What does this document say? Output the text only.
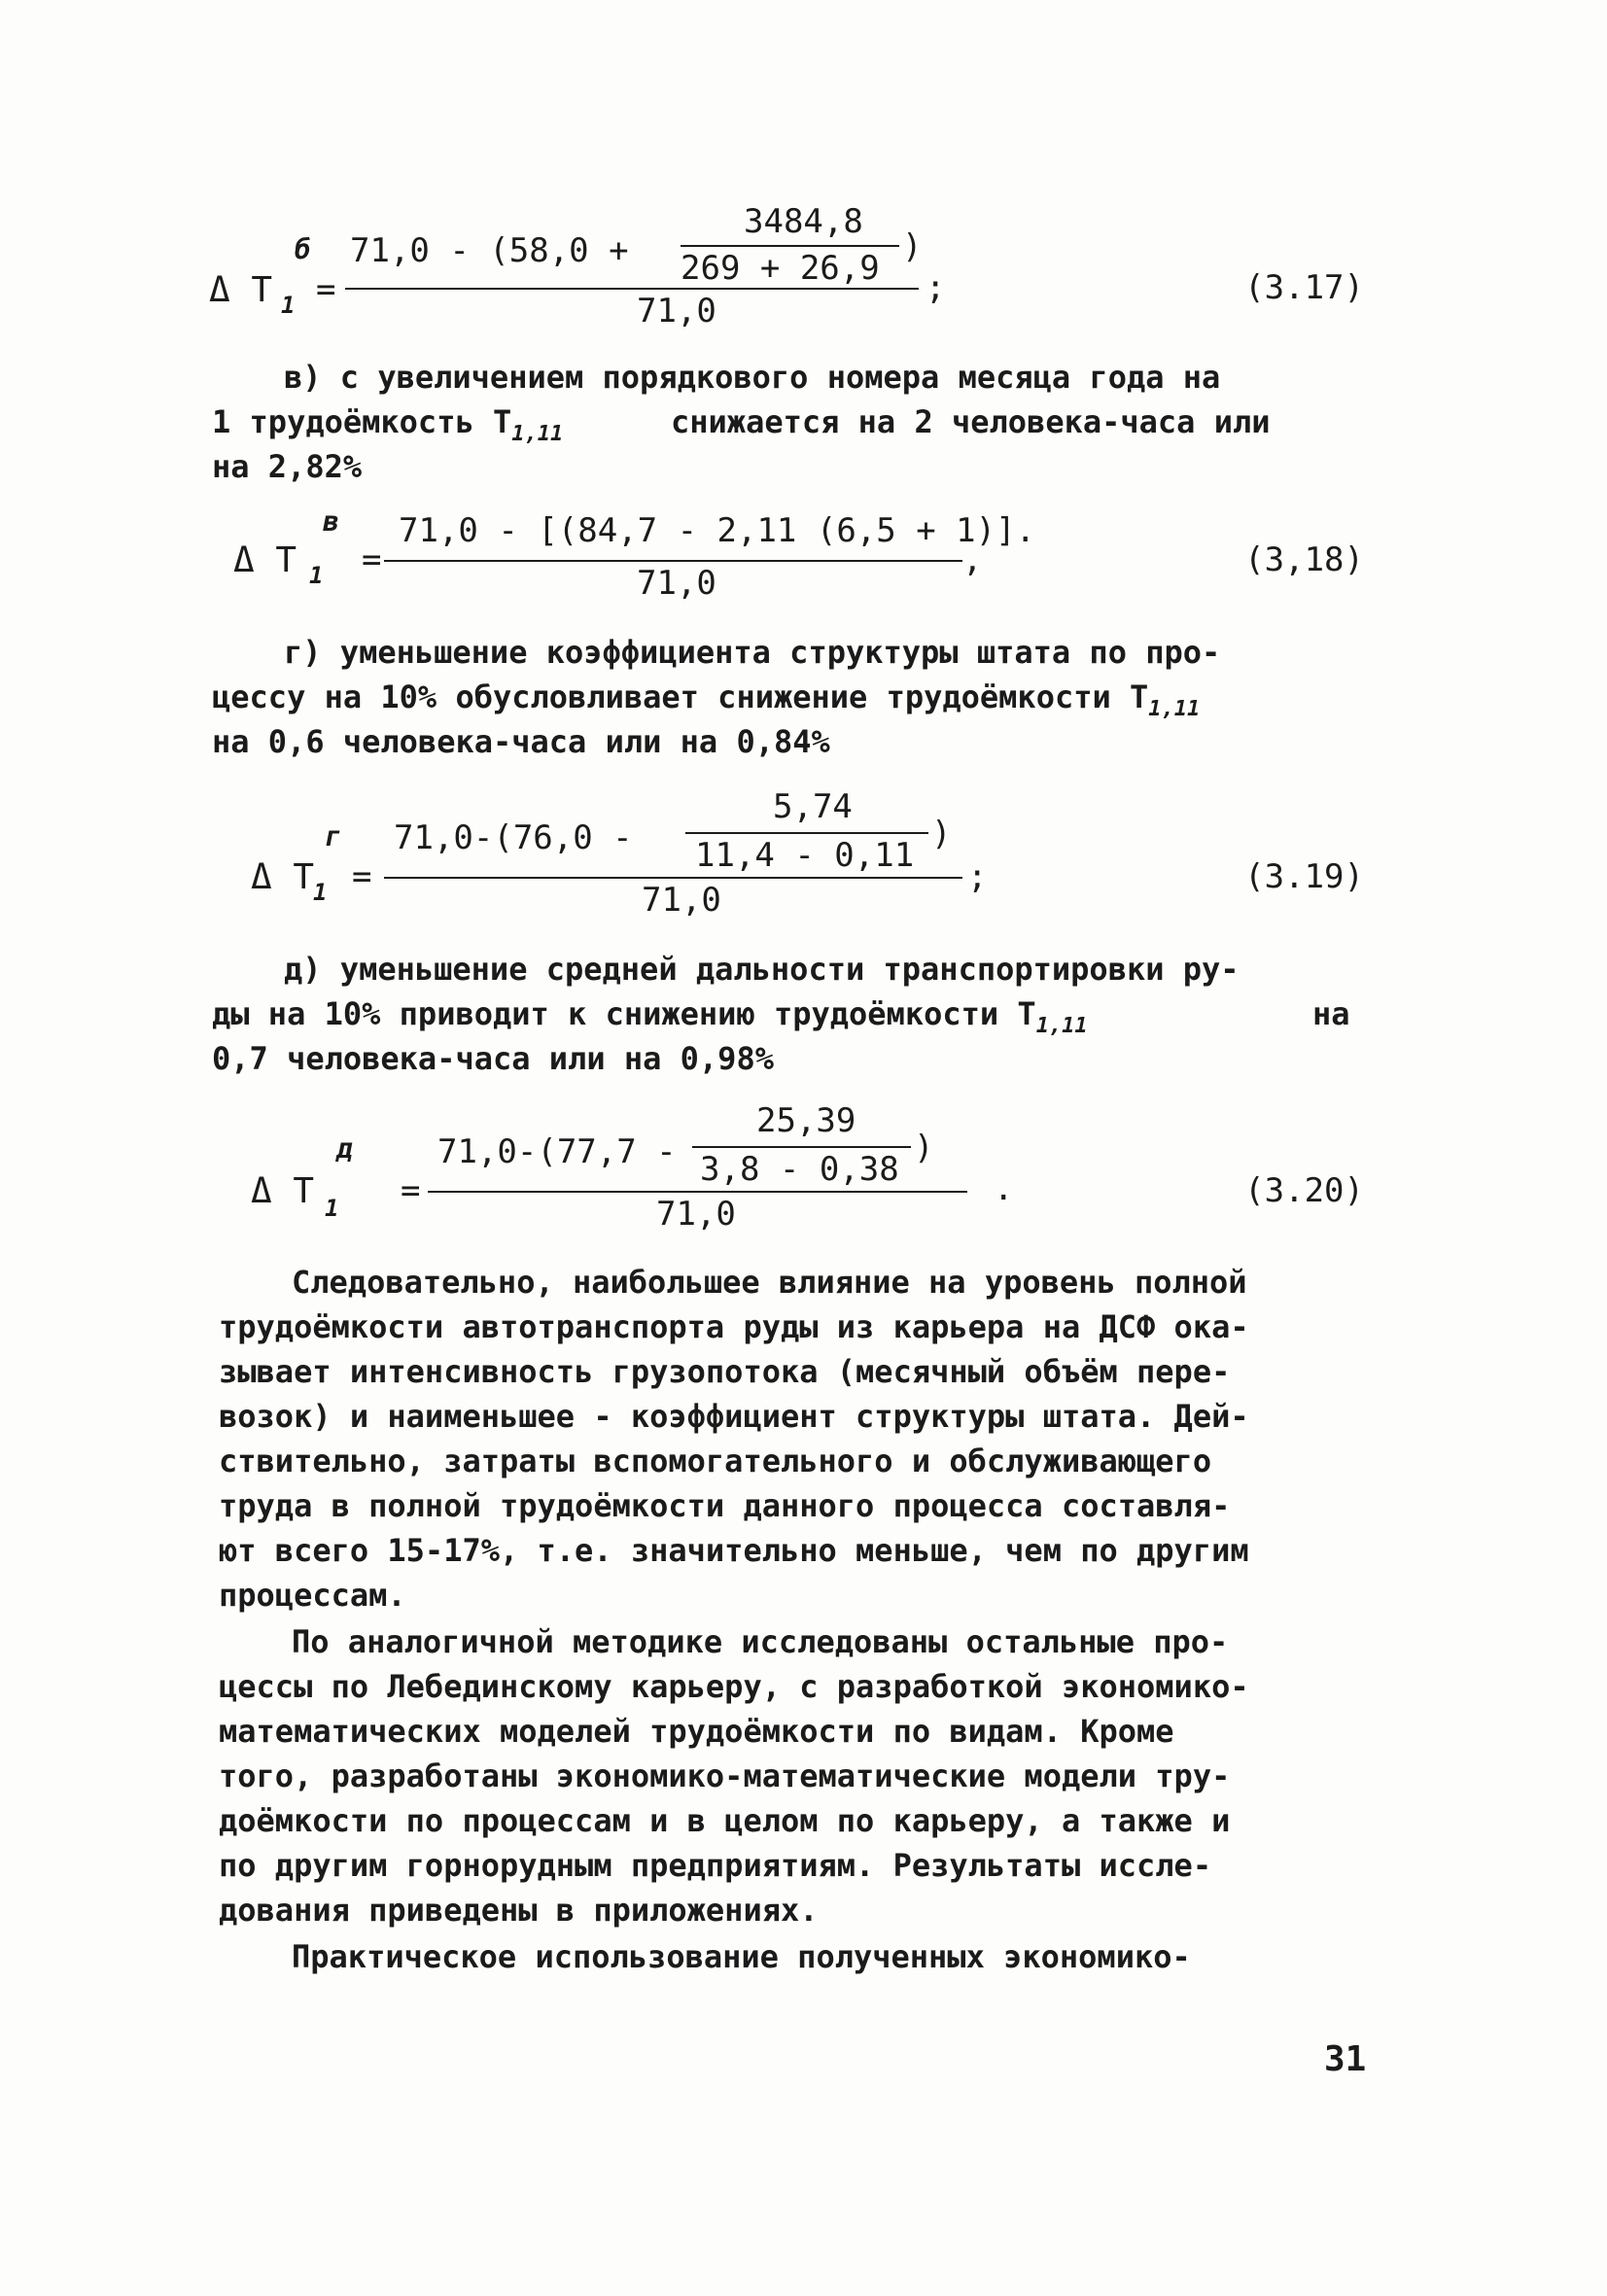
Δ T
б
1 =
71,0 - (58,0 +
3484,8
269 + 26,9
)
;
71,0
(3.17)
в) с увеличением порядкового номера месяца года на
1 трудоёмкость $Т_{1,11}$	снижается на 2 человека-часа или
на 2,82%
Δ T
в
1 =
71,0 - [(84,7 - 2,11 (6,5 + 1)].
,
71,0
(3,18)
г) уменьшение коэффициента структуры штата по про-
цессу на 10% обусловливает снижение трудоёмкости $Т_{1,11}$
на 0,6 человека-часа или на 0,84%
Δ T
г
1 =
71,0-(76,0 -
5,74
11,4 - 0,11
)
;
71,0
(3.19)
д) уменьшение средней дальности транспортировки ру-
ды на 10% приводит к снижению трудоёмкости $Т_{1,11}$	на
0,7 человека-часа или на 0,98%
Δ T
д
1 =
71,0-(77,7 -
25,39
3,8 - 0,38
)
.
71,0
(3.20)
Следовательно, наибольшее влияние на уровень полной
трудоёмкости автотранспорта руды из карьера на ДСФ ока-
зывает интенсивность грузопотока (месячный объём пере-
возок) и наименьшее - коэффициент структуры штата. Дей-
ствительно, затраты вспомогательного и обслуживающего
труда в полной трудоёмкости данного процесса составля-
ют всего 15-17%, т.е. значительно меньше, чем по другим
процессам.
По аналогичной методике исследованы остальные про-
цессы по Лебединскому карьеру, с разработкой экономико-
математических моделей трудоёмкости по видам. Кроме
того, разработаны экономико-математические модели тру-
доёмкости по процессам и в целом по карьеру, а также и
по другим горнорудным предприятиям. Результаты иссле-
дования приведены в приложениях.
Практическое использование полученных экономико-
31
